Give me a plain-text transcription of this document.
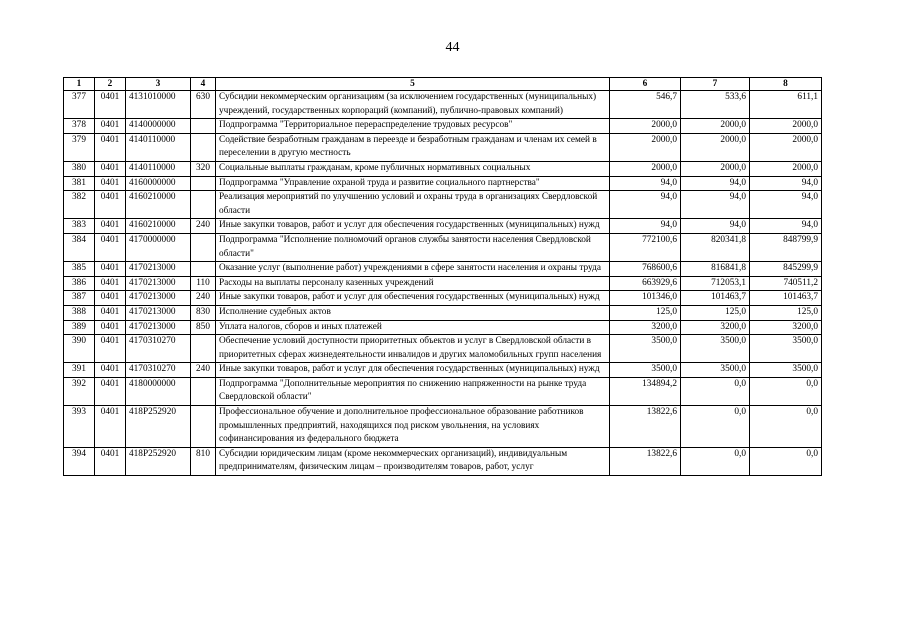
44
1	2	3	4	5	6	7	8
377	0401	4131010000	630	Субсидии некоммерческим организациям (за исключением государственных (муниципальных) учреждений, государственных корпораций (компаний), публично-правовых компаний)	546,7	533,6	611,1
378	0401	4140000000		Подпрограмма "Территориальное перераспределение трудовых ресурсов"	2000,0	2000,0	2000,0
379	0401	4140110000		Содействие безработным гражданам в переезде и безработным гражданам и членам их семей в переселении в другую местность	2000,0	2000,0	2000,0
380	0401	4140110000	320	Социальные выплаты гражданам, кроме публичных нормативных социальных	2000,0	2000,0	2000,0
381	0401	4160000000		Подпрограмма "Управление охраной труда и развитие социального партнерства"	94,0	94,0	94,0
382	0401	4160210000		Реализация мероприятий по улучшению условий и охраны труда в организациях Свердловской области	94,0	94,0	94,0
383	0401	4160210000	240	Иные закупки товаров, работ и услуг для обеспечения государственных (муниципальных) нужд	94,0	94,0	94,0
384	0401	4170000000		Подпрограмма "Исполнение полномочий органов службы занятости населения Свердловской области"	772100,6	820341,8	848799,9
385	0401	4170213000		Оказание услуг (выполнение работ) учреждениями в сфере занятости населения и охраны труда	768600,6	816841,8	845299,9
386	0401	4170213000	110	Расходы на выплаты персоналу казенных учреждений	663929,6	712053,1	740511,2
387	0401	4170213000	240	Иные закупки товаров, работ и услуг для обеспечения государственных (муниципальных) нужд	101346,0	101463,7	101463,7
388	0401	4170213000	830	Исполнение судебных актов	125,0	125,0	125,0
389	0401	4170213000	850	Уплата налогов, сборов и иных платежей	3200,0	3200,0	3200,0
390	0401	4170310270		Обеспечение условий доступности приоритетных объектов и услуг в Свердловской области в приоритетных сферах жизнедеятельности инвалидов и других маломобильных групп населения	3500,0	3500,0	3500,0
391	0401	4170310270	240	Иные закупки товаров, работ и услуг для обеспечения государственных (муниципальных) нужд	3500,0	3500,0	3500,0
392	0401	4180000000		Подпрограмма "Дополнительные мероприятия по снижению напряженности на рынке труда Свердловской области"	134894,2	0,0	0,0
393	0401	418P252920		Профессиональное обучение и дополнительное профессиональное образование работников промышленных предприятий, находящихся под риском увольнения, на условиях софинансирования из федерального бюджета	13822,6	0,0	0,0
394	0401	418P252920	810	Субсидии юридическим лицам (кроме некоммерческих организаций), индивидуальным предпринимателям, физическим лицам – производителям товаров, работ, услуг	13822,6	0,0	0,0
